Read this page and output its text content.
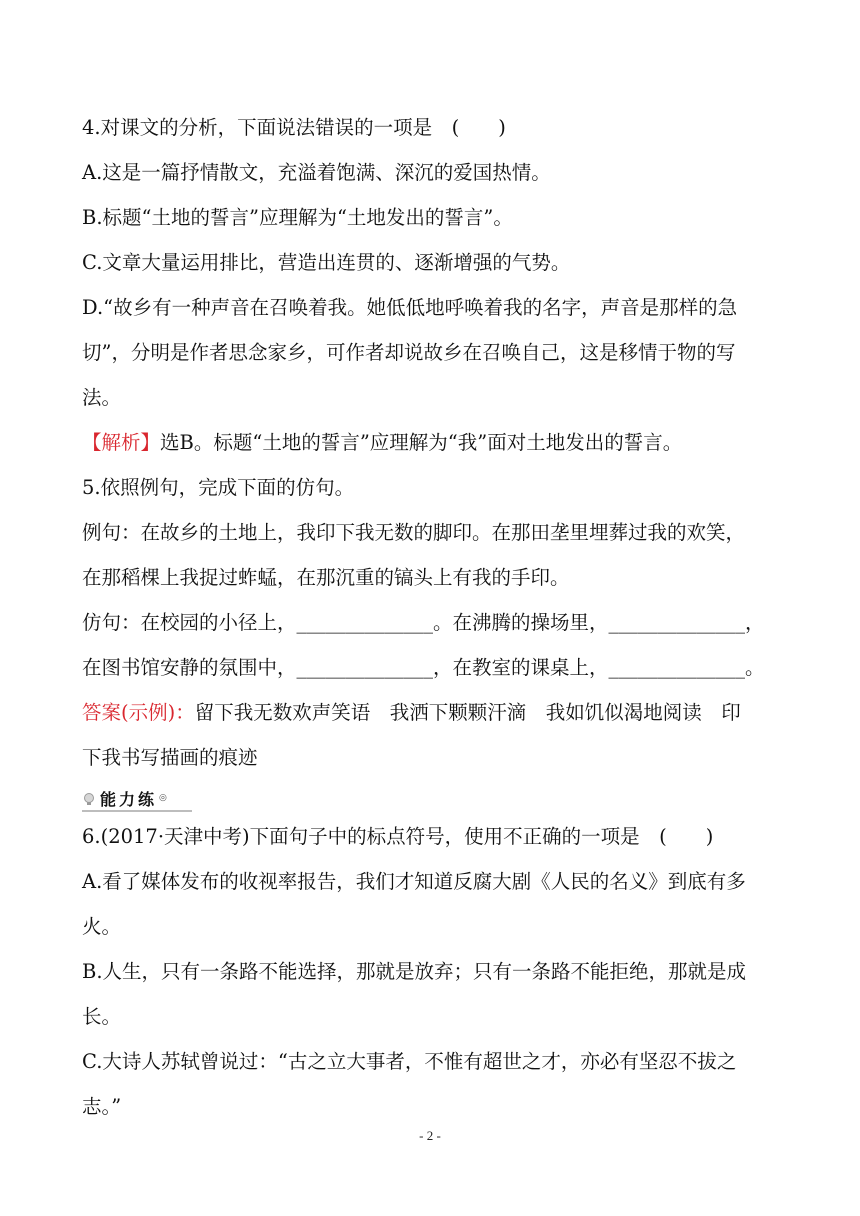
4.对课文的分析，下面说法错误的一项是　(　　)
A.这是一篇抒情散文，充溢着饱满、深沉的爱国热情。
B.标题“土地的誓言”应理解为“土地发出的誓言”。
C.文章大量运用排比，营造出连贯的、逐渐增强的气势。
D.“故乡有一种声音在召唤着我。她低低地呼唤着我的名字，声音是那样的急
切”，分明是作者思念家乡，可作者却说故乡在召唤自己，这是移情于物的写
法。
【解析】选B。标题“土地的誓言”应理解为“我”面对土地发出的誓言。
5.依照例句，完成下面的仿句。
例句：在故乡的土地上，我印下我无数的脚印。在那田垄里埋葬过我的欢笑，
在那稻棵上我捉过蚱蜢，在那沉重的镐头上有我的手印。
仿句：在校园的小径上，______________。在沸腾的操场里，______________，
在图书馆安静的氛围中，______________，在教室的课桌上，______________。
答案(示例)：留下我无数欢声笑语　我洒下颗颗汗滴　我如饥似渴地阅读　印
下我书写描画的痕迹
能力练 ◎
6.(2017·天津中考)下面句子中的标点符号，使用不正确的一项是　(　　)
A.看了媒体发布的收视率报告，我们才知道反腐大剧《人民的名义》到底有多
火。
B.人生，只有一条路不能选择，那就是放弃；只有一条路不能拒绝，那就是成
长。
C.大诗人苏轼曾说过：“古之立大事者，不惟有超世之才，亦必有坚忍不拔之
志。”
- 2 -
